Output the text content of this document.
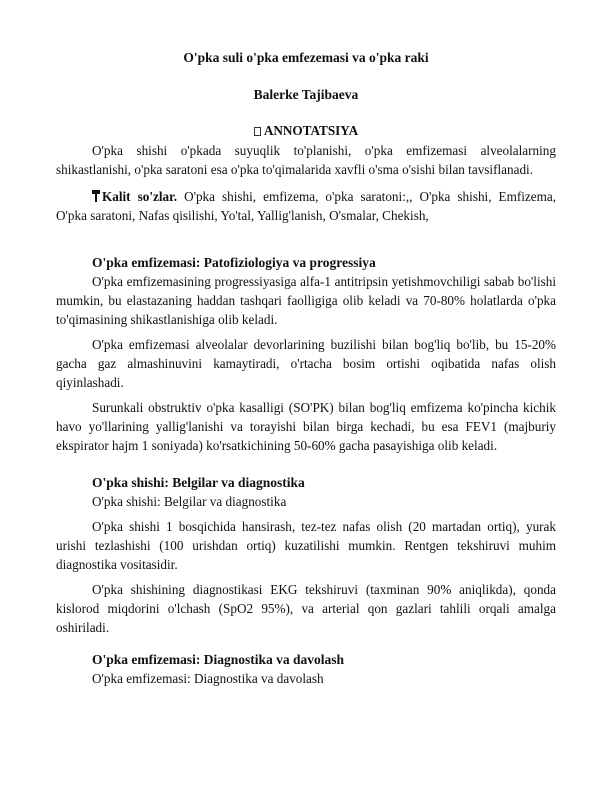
O'pka suli o'pka emfezemasi va o'pka raki
Balerke Tajibaeva
ANNOTATSIYA

O'pka shishi o'pkada suyuqlik to'planishi, o'pka emfizemasi alveolalarning shikastlanishi, o'pka saratoni esa o'pka to'qimalarida xavfli o'sma o'sishi bilan tavsiflanadi.

Kalit so'zlar. O'pka shishi, emfizema, o'pka saratoni:,, O'pka shishi, Emfizema, O'pka saratoni, Nafas qisilishi, Yo'tal, Yallig'lanish, O'smalar, Chekish,

O'pka emfizemasi: Patofiziologiya va progressiya

O'pka emfizemasining progressiyasiga alfa-1 antitripsin yetishmovchiligi sabab bo'lishi mumkin, bu elastazaning haddan tashqari faolligiga olib keladi va 70-80% holatlarda o'pka to'qimasining shikastlanishiga olib keladi.

O'pka emfizemasi alveolalar devorlarining buzilishi bilan bog'liq bo'lib, bu 15-20% gacha gaz almashinuvini kamaytiradi, o'rtacha bosim ortishi oqibatida nafas olish qiyinlashadi.

Surunkali obstruktiv o'pka kasalligi (SO'PK) bilan bog'liq emfizema ko'pincha kichik havo yo'llarining yallig'lanishi va torayishi bilan birga kechadi, bu esa FEV1 (majburiy ekspirator hajm 1 soniyada) ko'rsatkichining 50-60% gacha pasayishiga olib keladi.

O'pka shishi: Belgilar va diagnostika
O'pka shishi: Belgilar va diagnostika

O'pka shishi 1 bosqichida hansirash, tez-tez nafas olish (20 martadan ortiq), yurak urishi tezlashishi (100 urishdan ortiq) kuzatilishi mumkin. Rentgen tekshiruvi muhim diagnostika vositasidir.

O'pka shishining diagnostikasi EKG tekshiruvi (taxminan 90% aniqlikda), qonda kislorod miqdorini o'lchash (SpO2 95%), va arterial qon gazlari tahlili orqali amalga oshiriladi.

O'pka emfizemasi: Diagnostika va davolash
O'pka emfizemasi: Diagnostika va davolash
